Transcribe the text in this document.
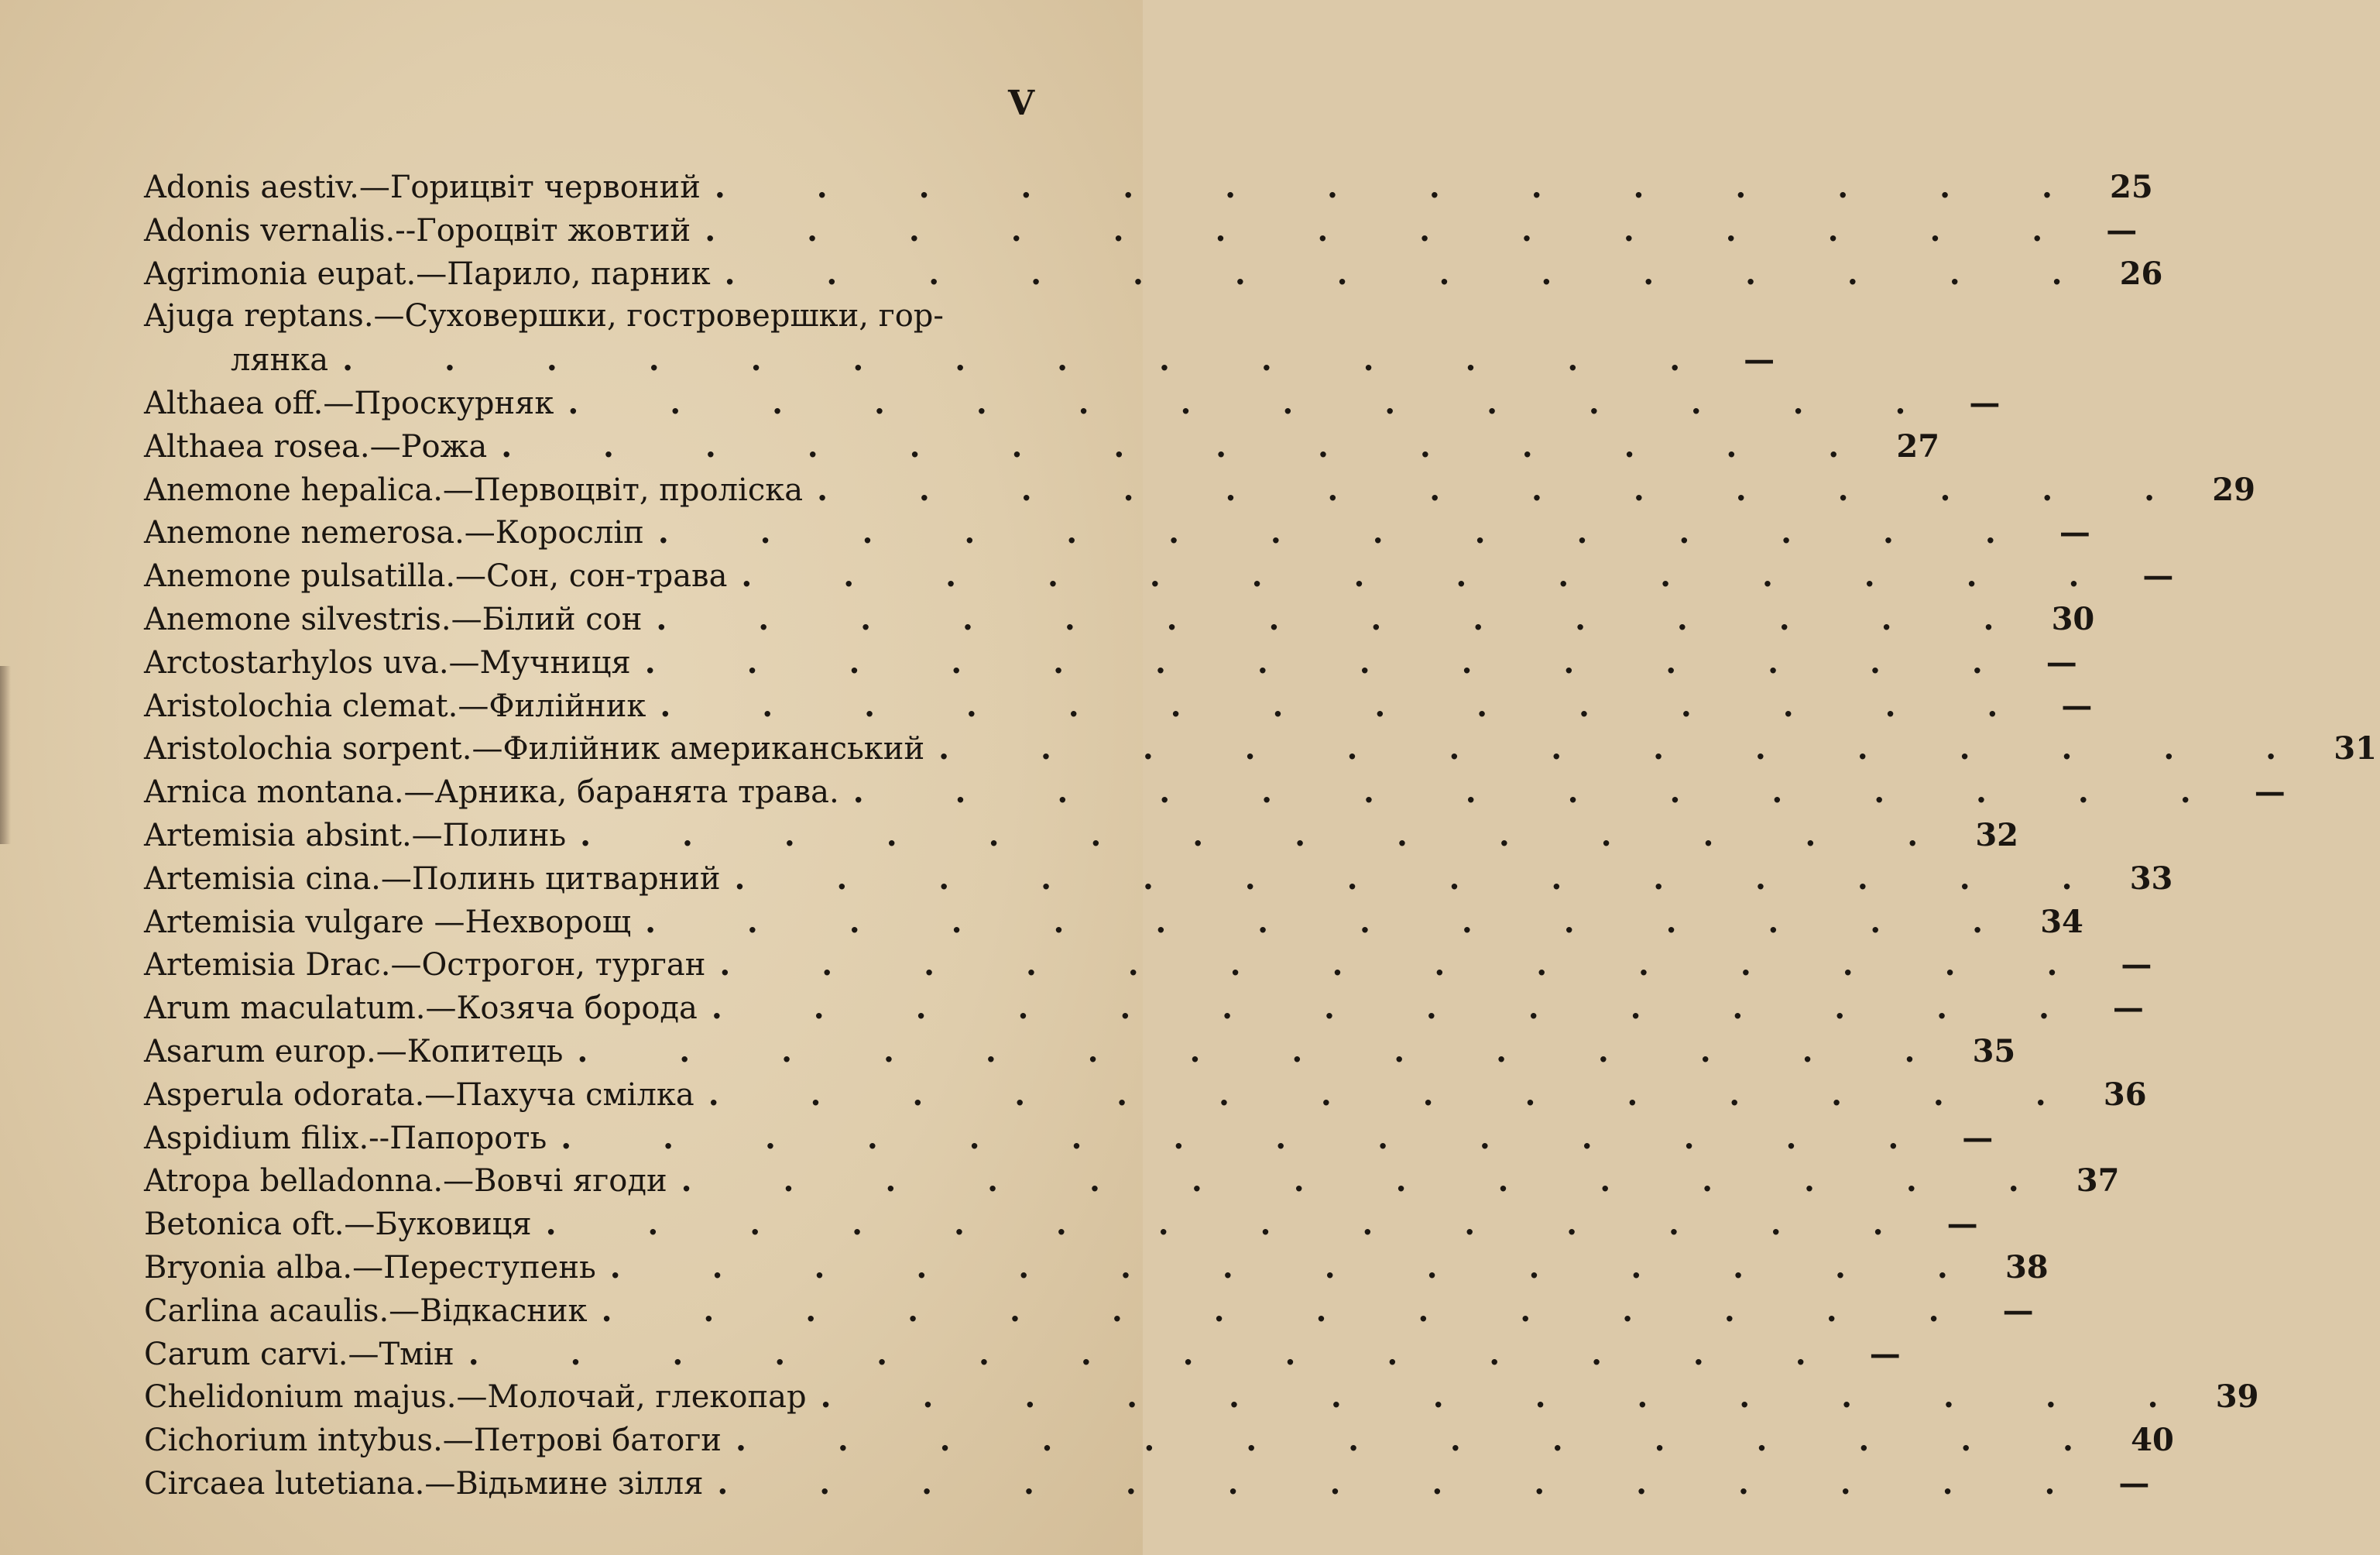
V
Adonis aestiv.—Горицвіт червоний . . . . . . . . . . . . . . 25
Adonis vernalis.--Гороцвіт жовтий . . . . . . . . . . . . . . —
Agrimonia eupat.—Парило, парник . . . . . . . . . . . . . . 26
Ajuga reptans.—Суховершки, гостровершки, гор-
лянка . . . . . . . . . . . . . . —
Althaea off.—Проскурняк . . . . . . . . . . . . . . —
Althaea rosea.—Рожа . . . . . . . . . . . . . . 27
Anemone hepalica.—Первоцвіт, проліска . . . . . . . . . . . . . . 29
Anemone nemerosa.—Коросліп . . . . . . . . . . . . . . —
Anemone pulsatilla.—Сон, сон-трава . . . . . . . . . . . . . . —
Anemone silvestris.—Білий сон . . . . . . . . . . . . . . 30
Arctostarhylos uva.—Мучниця . . . . . . . . . . . . . . —
Aristolochia clemat.—Филійник . . . . . . . . . . . . . . —
Aristolochia sorpent.—Филійник американський . . . . . . . . . . . . . . 31
Arnica montana.—Арника, баранята трава. . . . . . . . . . . . . . . —
Artemisia absint.—Полинь . . . . . . . . . . . . . . 32
Artemisia cina.—Полинь цитварний . . . . . . . . . . . . . . 33
Artemisia vulgare —Нехворощ . . . . . . . . . . . . . . 34
Artemisia Drac.—Острогон, турган . . . . . . . . . . . . . . —
Arum maculatum.—Козяча борода . . . . . . . . . . . . . . —
Asarum europ.—Копитець . . . . . . . . . . . . . . 35
Asperula odorata.—Пахуча смілка . . . . . . . . . . . . . . 36
Aspidium filix.--Папороть . . . . . . . . . . . . . . —
Atropa belladonna.—Вовчі ягоди . . . . . . . . . . . . . . 37
Betonica oft.—Буковиця . . . . . . . . . . . . . . —
Bryonia alba.—Переступень . . . . . . . . . . . . . . 38
Carlina acaulis.—Відкасник . . . . . . . . . . . . . . —
Carum carvi.—Тмін . . . . . . . . . . . . . . —
Chelidonium majus.—Молочай, глекопар . . . . . . . . . . . . . . 39
Cichorium intybus.—Петрові батоги . . . . . . . . . . . . . . 40
Circaea lutetiana.—Відьмине зілля . . . . . . . . . . . . . . —
